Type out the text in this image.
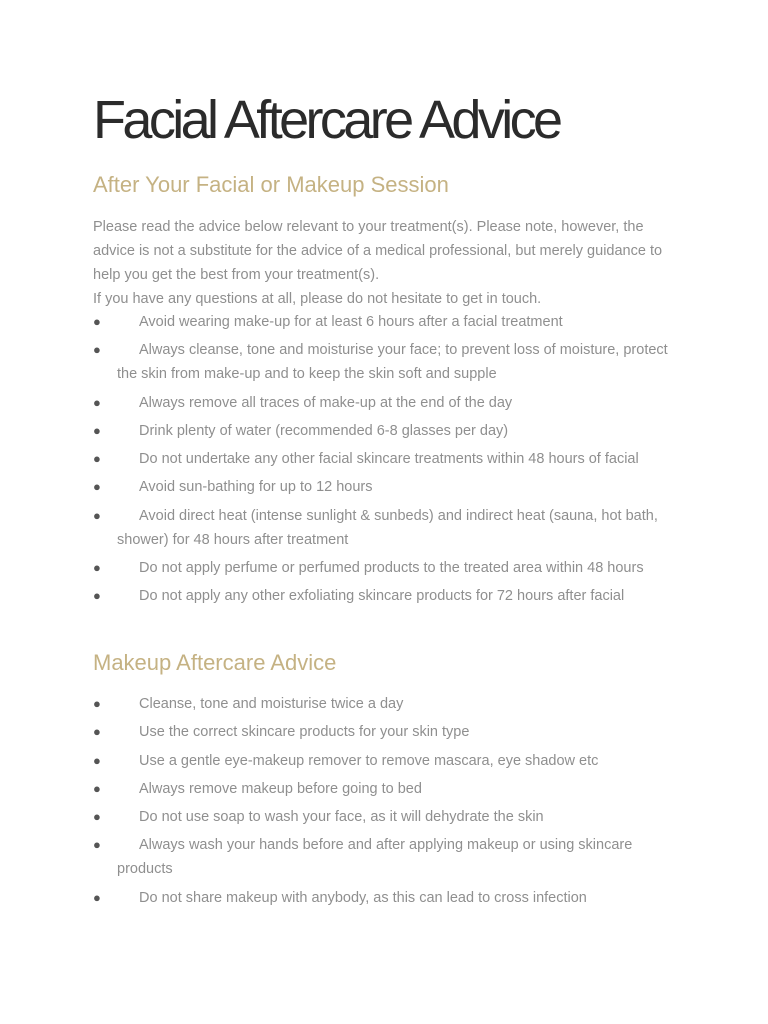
Facial Aftercare Advice
After Your Facial or Makeup Session

Please read the advice below relevant to your treatment(s). Please note, however, the advice is not a substitute for the advice of a medical professional, but merely guidance to help you get the best from your treatment(s).

If you have any questions at all, please do not hesitate to get in touch.

●	Avoid wearing make-up for at least 6 hours after a facial treatment
●	Always cleanse, tone and moisturise your face; to prevent loss of moisture, protect the skin from make-up and to keep the skin soft and supple
●	Always remove all traces of make-up at the end of the day
●	Drink plenty of water (recommended 6-8 glasses per day)
●	Do not undertake any other facial skincare treatments within 48 hours of facial
●	Avoid sun-bathing for up to 12 hours
●	Avoid direct heat (intense sunlight & sunbeds) and indirect heat (sauna, hot bath, shower) for 48 hours after treatment
●	Do not apply perfume or perfumed products to the treated area within 48 hours
●	Do not apply any other exfoliating skincare products for 72 hours after facial
Makeup Aftercare Advice
●	Cleanse, tone and moisturise twice a day
●	Use the correct skincare products for your skin type
●	Use a gentle eye-makeup remover to remove mascara, eye shadow etc
●	Always remove makeup before going to bed
●	Do not use soap to wash your face, as it will dehydrate the skin
●	Always wash your hands before and after applying makeup or using skincare products
●	Do not share makeup with anybody, as this can lead to cross infection
